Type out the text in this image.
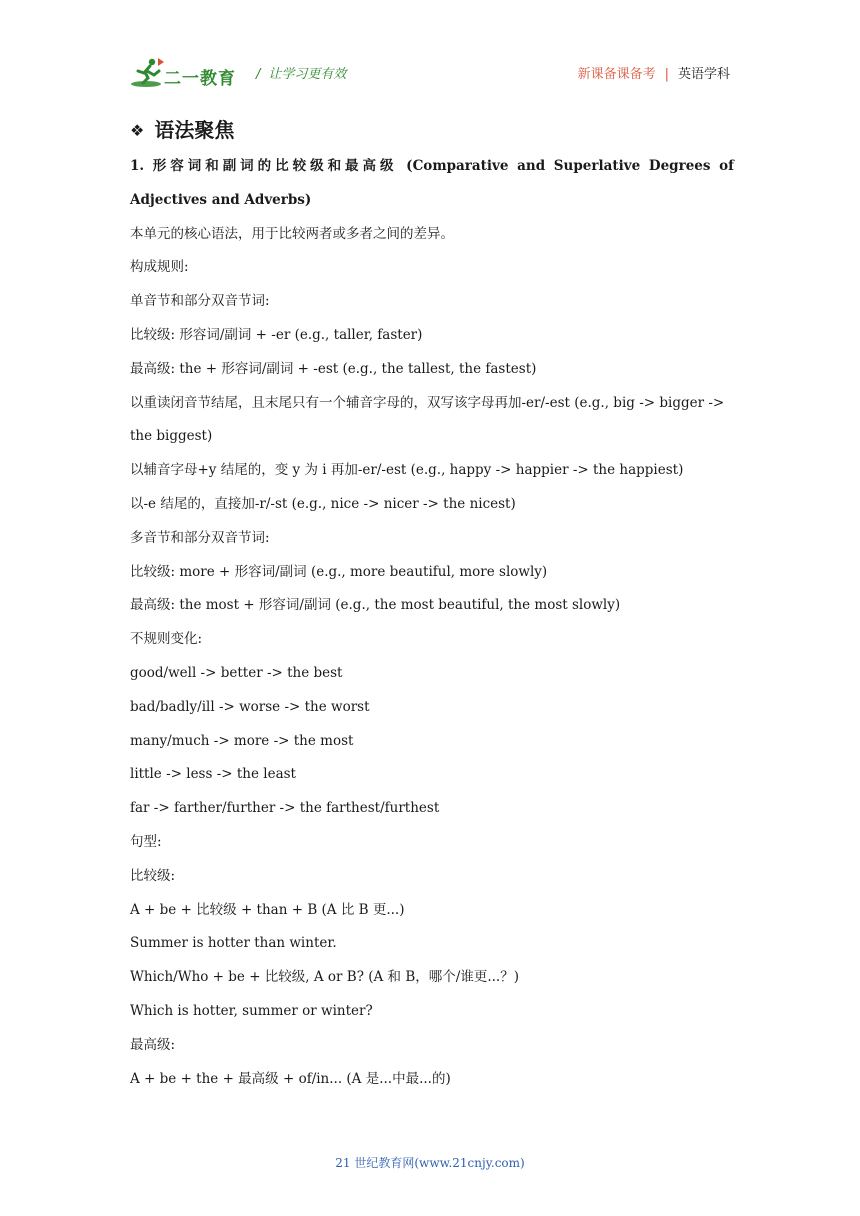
二一教育 / 让学习更有效	新课备课备考 | 英语学科
❖ 语法聚焦

1. 形容词和副词的比较级和最高级 (Comparative and Superlative Degrees of Adjectives and Adverbs)

本单元的核心语法，用于比较两者或多者之间的差异。

构成规则:

单音节和部分双音节词:

比较级: 形容词/副词 + -er (e.g., taller, faster)

最高级: the + 形容词/副词 + -est (e.g., the tallest, the fastest)

以重读闭音节结尾，且末尾只有一个辅音字母的，双写该字母再加-er/-est (e.g., big -> bigger -> the biggest)

以辅音字母+y 结尾的，变 y 为 i 再加-er/-est (e.g., happy -> happier -> the happiest)

以-e 结尾的，直接加-r/-st (e.g., nice -> nicer -> the nicest)

多音节和部分双音节词:

比较级: more + 形容词/副词 (e.g., more beautiful, more slowly)

最高级: the most + 形容词/副词 (e.g., the most beautiful, the most slowly)

不规则变化:

good/well -> better -> the best

bad/badly/ill -> worse -> the worst

many/much -> more -> the most

little -> less -> the least

far -> farther/further -> the farthest/furthest

句型:

比较级:

A + be + 比较级 + than + B (A 比 B 更...)

Summer is hotter than winter.

Which/Who + be + 比较级, A or B? (A 和 B，哪个/谁更...？)

Which is hotter, summer or winter?

最高级:

A + be + the + 最高级 + of/in... (A 是...中最...的)

21 世纪教育网(www.21cnjy.com)
